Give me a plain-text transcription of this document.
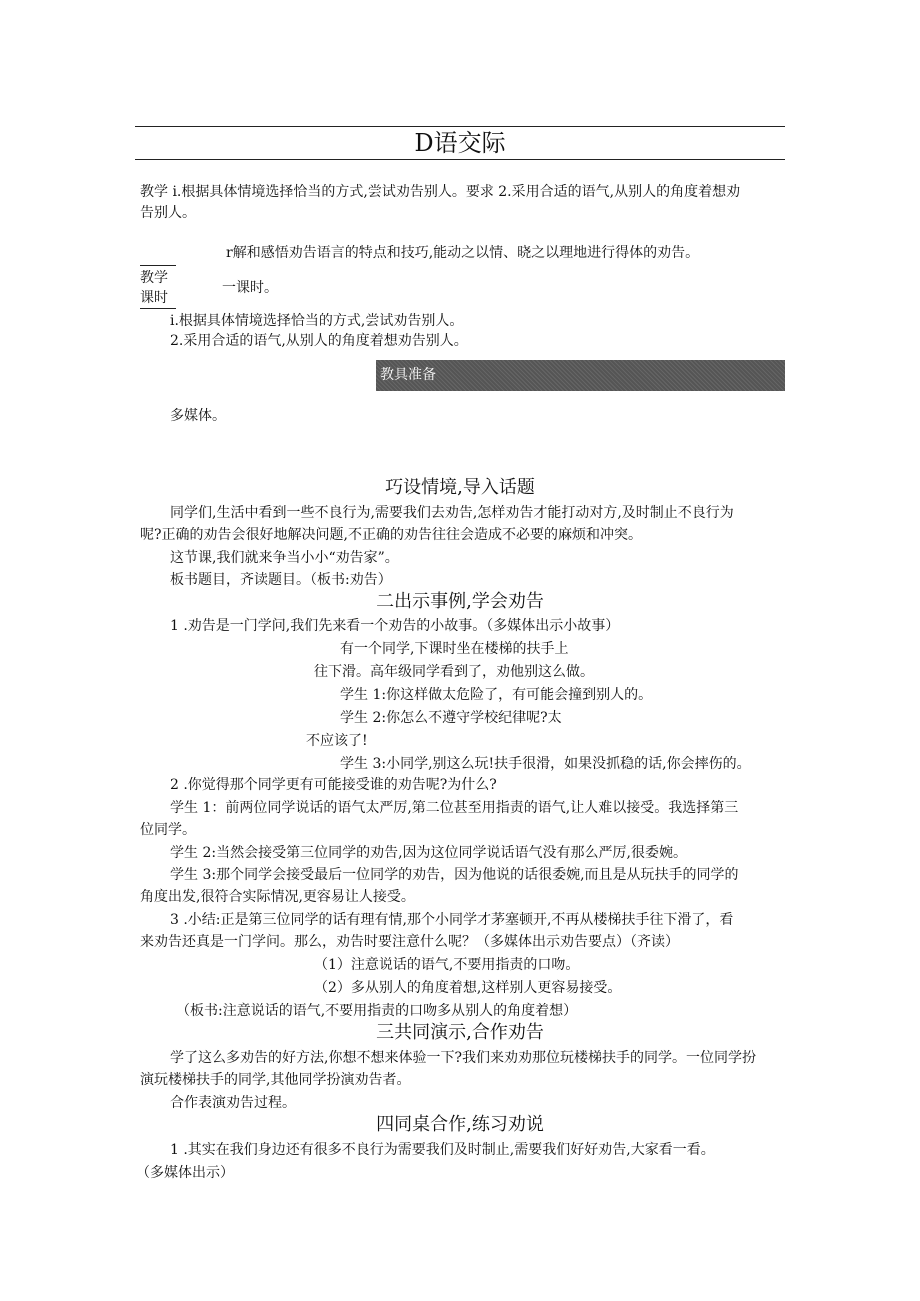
D语交际
教学 i.根据具体情境选择恰当的方式,尝试劝告别人。要求 2.采用合适的语气,从别人的角度着想劝
告别人。
r解和感悟劝告语言的特点和技巧,能动之以情、晓之以理地进行得体的劝告。
教学
课时
一课时。
i.根据具体情境选择恰当的方式,尝试劝告别人。
2.采用合适的语气,从别人的角度着想劝告别人。
教具准备
多媒体。
巧设情境,导入话题
同学们,生活中看到一些不良行为,需要我们去劝告,怎样劝告才能打动对方,及时制止不良行为
呢?正确的劝告会很好地解决问题,不正确的劝告往往会造成不必要的麻烦和冲突。
这节课,我们就来争当小小“劝告家”。
板书题目，齐读题目。（板书:劝告）
二出示事例,学会劝告
1 .劝告是一门学问,我们先来看一个劝告的小故事。（多媒体出示小故事）
有一个同学,下课时坐在楼梯的扶手上
往下滑。高年级同学看到了，劝他别这么做。
学生 1:你这样做太危险了，有可能会撞到别人的。
学生 2:你怎么不遵守学校纪律呢?太
不应该了!
学生 3:小同学,别这么玩!扶手很滑，如果没抓稳的话,你会摔伤的。
2 .你觉得那个同学更有可能接受谁的劝告呢?为什么?
学生 1：前两位同学说话的语气太严厉,第二位甚至用指责的语气,让人难以接受。我选择第三
位同学。
学生 2:当然会接受第三位同学的劝告,因为这位同学说话语气没有那么严厉,很委婉。
学生 3:那个同学会接受最后一位同学的劝告，因为他说的话很委婉,而且是从玩扶手的同学的
角度出发,很符合实际情况,更容易让人接受。
3 .小结:正是第三位同学的话有理有情,那个小同学才茅塞顿开,不再从楼梯扶手往下滑了，看
来劝告还真是一门学问。那么，劝告时要注意什么呢？（多媒体出示劝告要点）（齐读）
（1）注意说话的语气,不要用指责的口吻。
（2）多从别人的角度着想,这样别人更容易接受。
（板书:注意说话的语气,不要用指责的口吻多从别人的角度着想）
三共同演示,合作劝告
学了这么多劝告的好方法,你想不想来体验一下?我们来劝劝那位玩楼梯扶手的同学。一位同学扮
演玩楼梯扶手的同学,其他同学扮演劝告者。
合作表演劝告过程。
四同桌合作,练习劝说
1 .其实在我们身边还有很多不良行为需要我们及时制止,需要我们好好劝告,大家看一看。
（多媒体出示）
